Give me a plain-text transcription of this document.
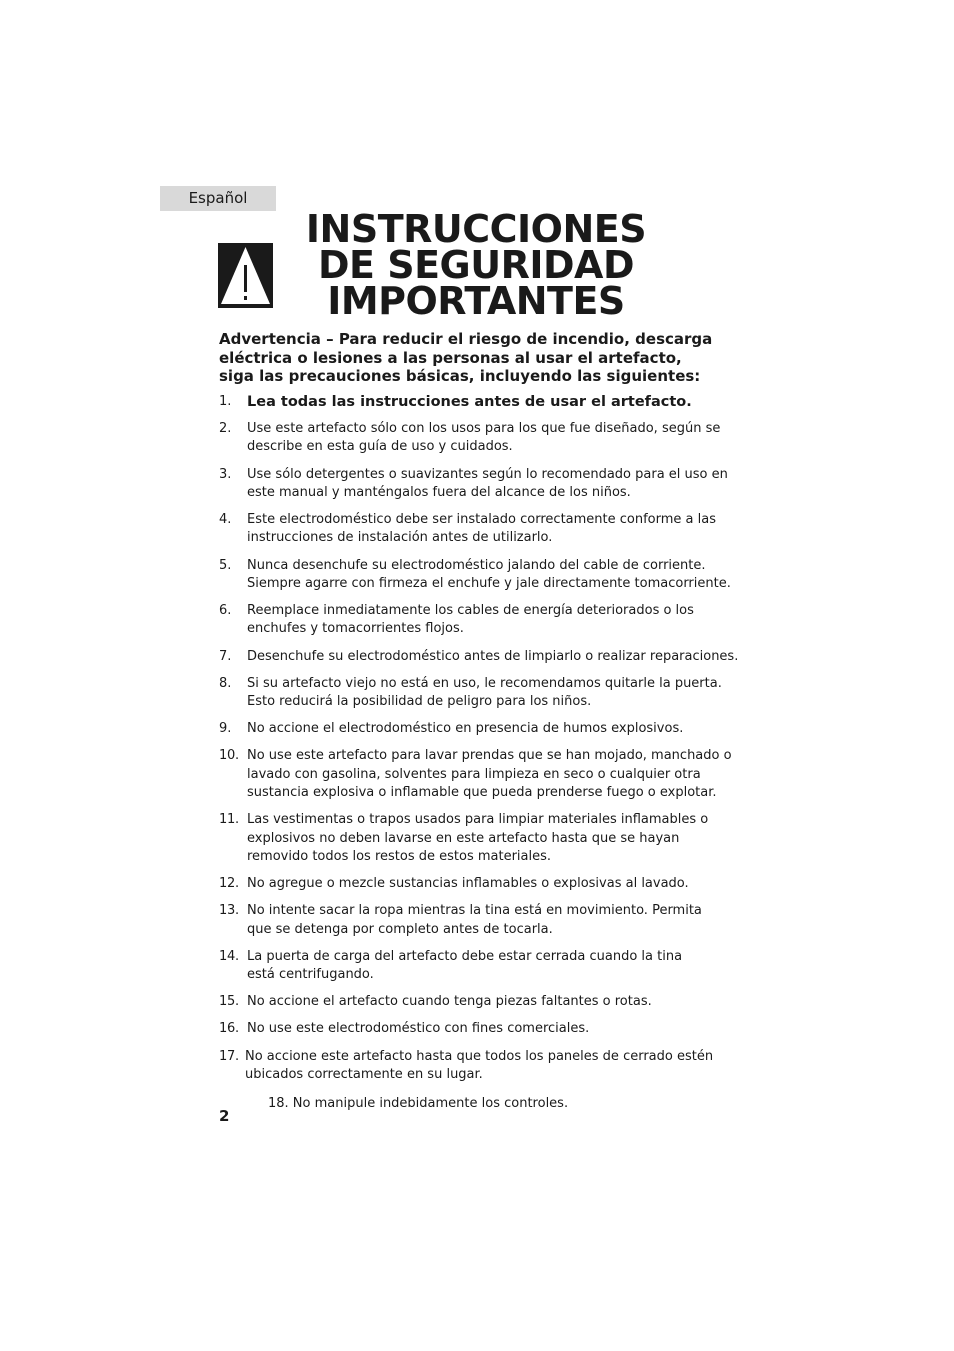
Español
INSTRUCCIONES
DE SEGURIDAD
IMPORTANTES
Advertencia – Para reducir el riesgo de incendio, descarga
eléctrica o lesiones a las personas al usar el artefacto,
siga las precauciones básicas, incluyendo las siguientes:
1. Lea todas las instrucciones antes de usar el artefacto.
2. Use este artefacto sólo con los usos para los que fue diseñado, según se
describe en esta guía de uso y cuidados.
3. Use sólo detergentes o suavizantes según lo recomendado para el uso en
este manual y manténgalos fuera del alcance de los niños.
4. Este electrodoméstico debe ser instalado correctamente conforme a las
instrucciones de instalación antes de utilizarlo.
5. Nunca desenchufe su electrodoméstico jalando del cable de corriente.
Siempre agarre con firmeza el enchufe y jale directamente tomacorriente.
6. Reemplace inmediatamente los cables de energía deteriorados o los
enchufes y tomacorrientes flojos.
7. Desenchufe su electrodoméstico antes de limpiarlo o realizar reparaciones.
8. Si su artefacto viejo no está en uso, le recomendamos quitarle la puerta.
Esto reducirá la posibilidad de peligro para los niños.
9. No accione el electrodoméstico en presencia de humos explosivos.
10. No use este artefacto para lavar prendas que se han mojado, manchado o
lavado con gasolina, solventes para limpieza en seco o cualquier otra
sustancia explosiva o inflamable que pueda prenderse fuego o explotar.
11. Las vestimentas o trapos usados para limpiar materiales inflamables o
explosivos no deben lavarse en este artefacto hasta que se hayan
removido todos los restos de estos materiales.
12. No agregue o mezcle sustancias inflamables o explosivas al lavado.
13. No intente sacar la ropa mientras la tina está en movimiento. Permita
que se detenga por completo antes de tocarla.
14. La puerta de carga del artefacto debe estar cerrada cuando la tina
está centrifugando.
15. No accione el artefacto cuando tenga piezas faltantes o rotas.
16. No use este electrodoméstico con fines comerciales.
17. No accione este artefacto hasta que todos los paneles de cerrado estén
ubicados correctamente en su lugar.
18. No manipule indebidamente los controles.
2
